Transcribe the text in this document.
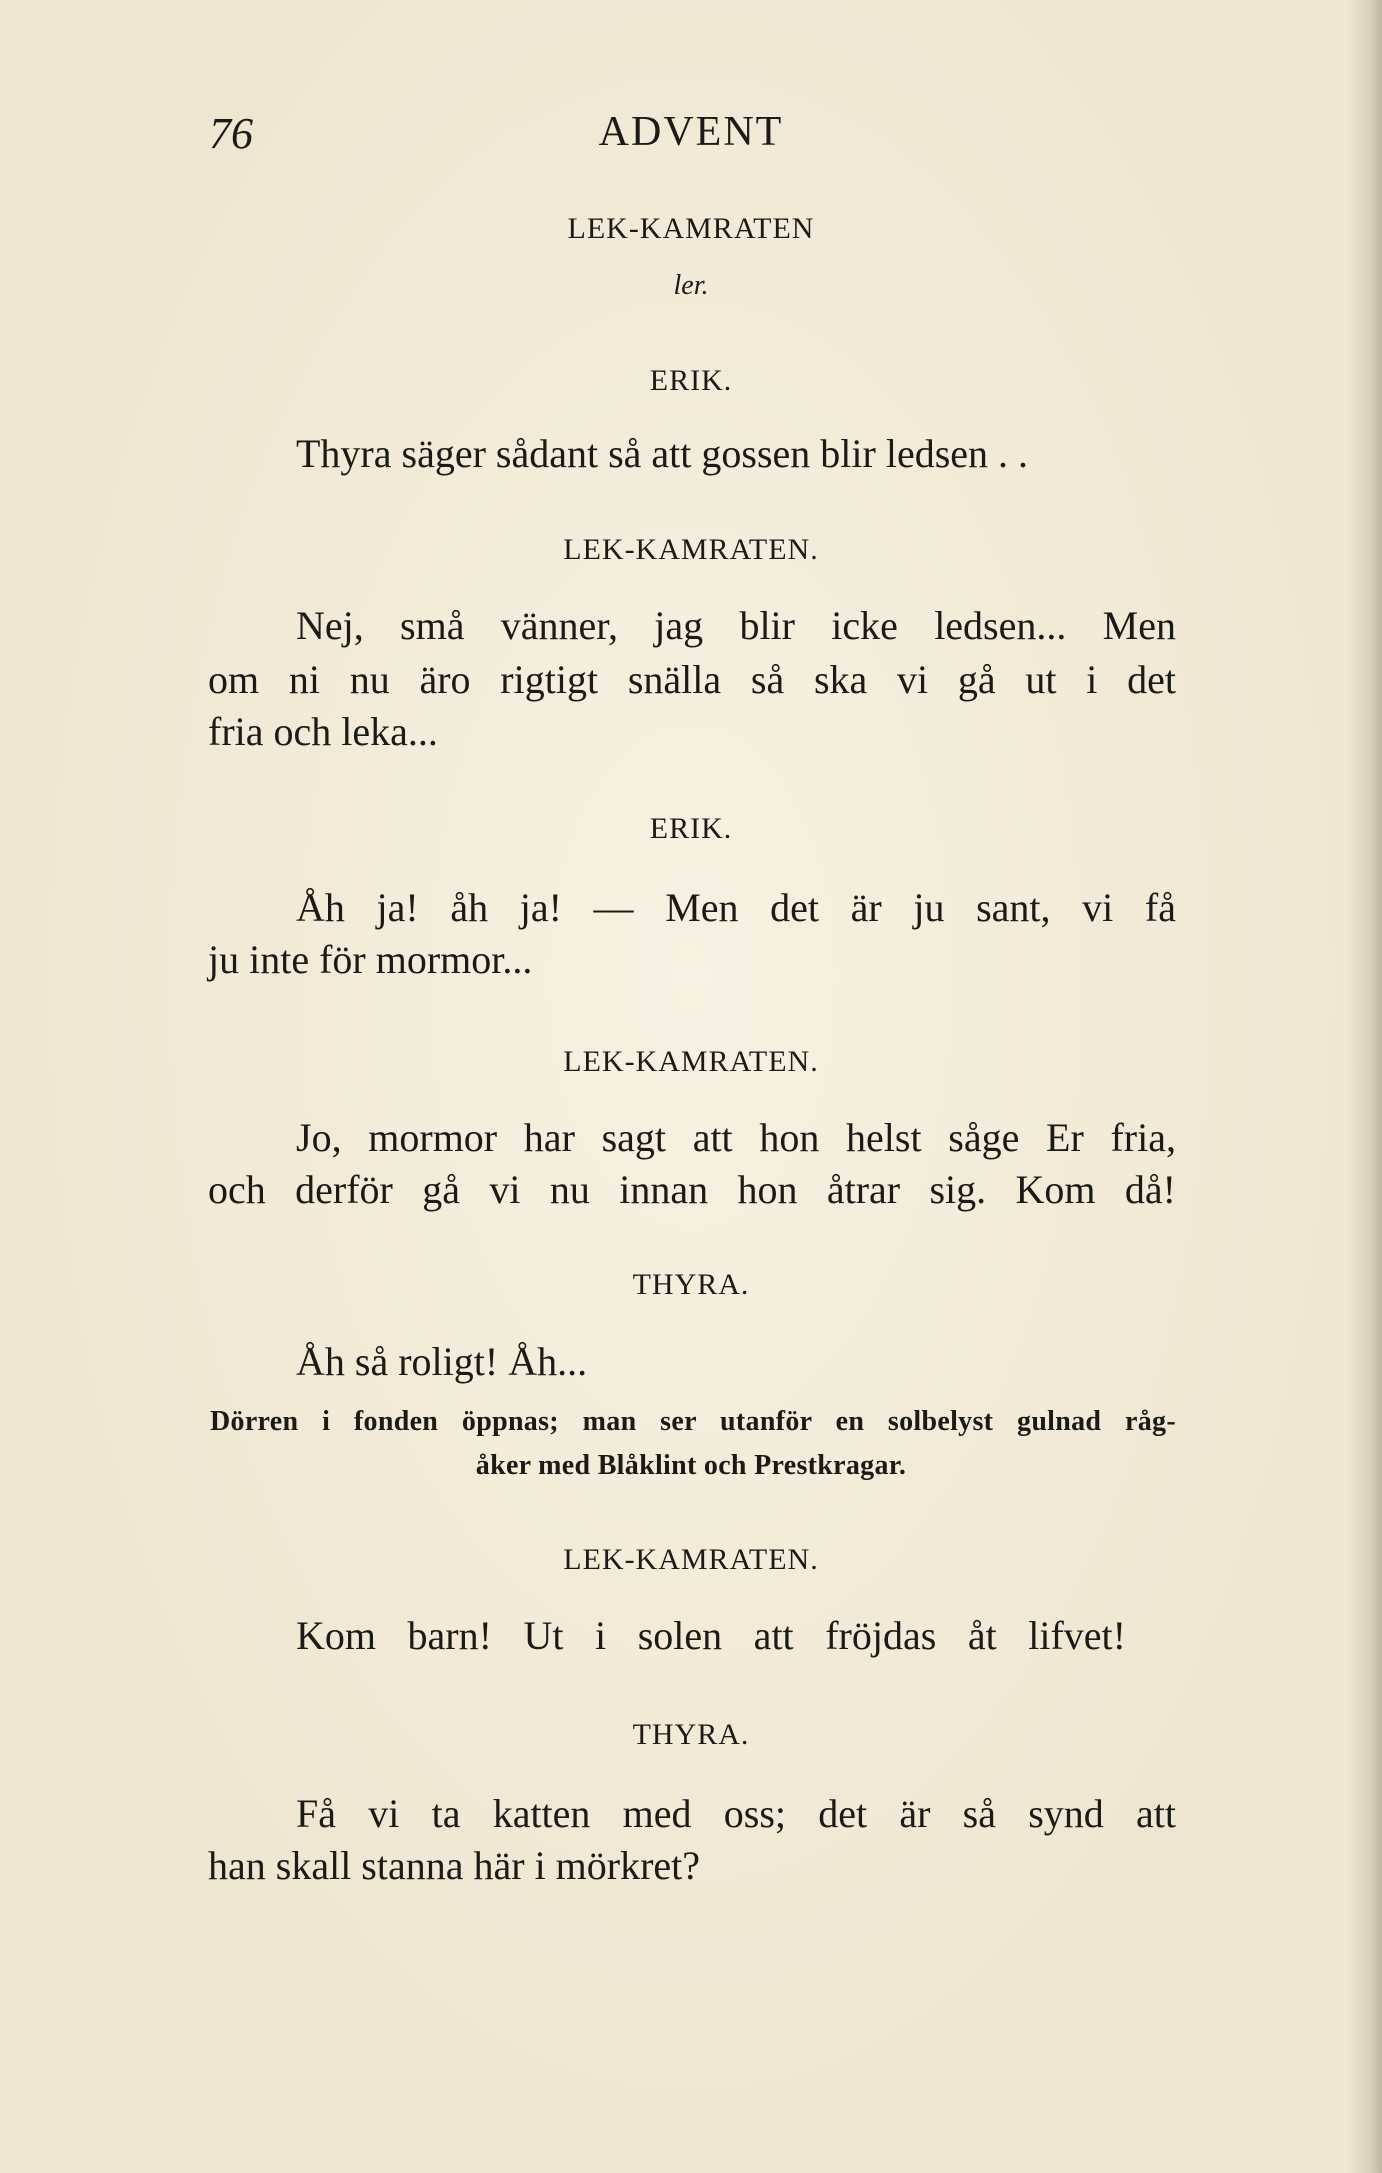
76	ADVENT
LEK-KAMRATEN
ler.
ERIK.
Thyra säger sådant så att gossen blir ledsen . .
LEK-KAMRATEN.
Nej, små vänner, jag blir icke ledsen... Men
om ni nu äro rigtigt snälla så ska vi gå ut i det
fria och leka...
ERIK.
Åh ja! åh ja! — Men det är ju sant, vi få
ju inte för mormor...
LEK-KAMRATEN.
Jo, mormor har sagt att hon helst såge Er fria,
och derför gå vi nu innan hon åtrar sig. Kom då!
THYRA.
Åh så roligt! Åh...
Dörren i fonden öppnas; man ser utanför en solbelyst gulnad råg-
åker med Blåklint och Prestkragar.
LEK-KAMRATEN.
Kom barn! Ut i solen att fröjdas åt lifvet!
THYRA.
Få vi ta katten med oss; det är så synd att
han skall stanna här i mörkret?
